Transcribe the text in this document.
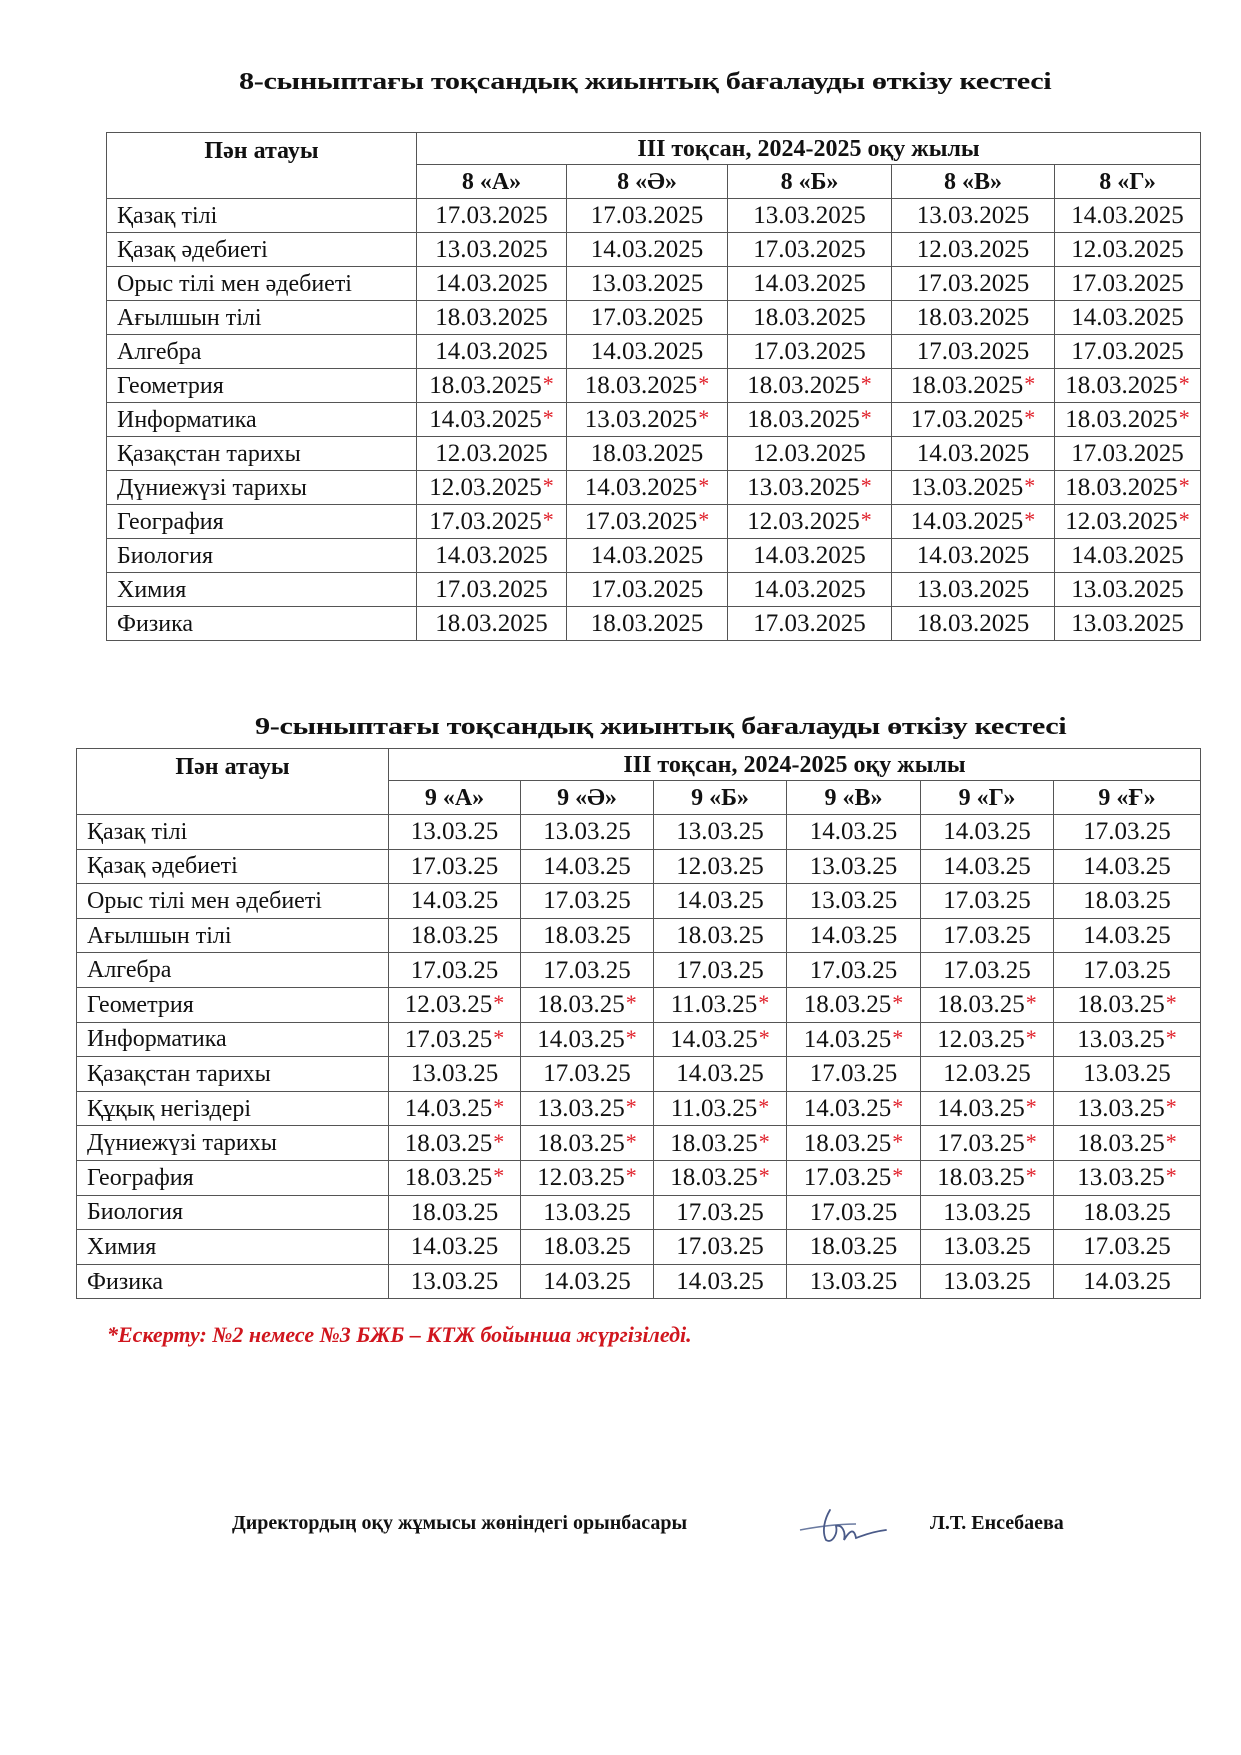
8-сыныптағы тоқсандық жиынтық бағалауды өткізу кестесі
Пән атауы	ІІІ тоқсан, 2024-2025 оқу жылы				
	8 «А»	8 «Ә»	8 «Б»	8 «В»	8 «Г»
Қазақ тілі	17.03.2025	17.03.2025	13.03.2025	13.03.2025	14.03.2025
Қазақ әдебиеті	13.03.2025	14.03.2025	17.03.2025	12.03.2025	12.03.2025
Орыс тілі мен әдебиеті	14.03.2025	13.03.2025	14.03.2025	17.03.2025	17.03.2025
Ағылшын тілі	18.03.2025	17.03.2025	18.03.2025	18.03.2025	14.03.2025
Алгебра	14.03.2025	14.03.2025	17.03.2025	17.03.2025	17.03.2025
Геометрия	18.03.2025*	18.03.2025*	18.03.2025*	18.03.2025*	18.03.2025*
Информатика	14.03.2025*	13.03.2025*	18.03.2025*	17.03.2025*	18.03.2025*
Қазақстан тарихы	12.03.2025	18.03.2025	12.03.2025	14.03.2025	17.03.2025
Дүниежүзі тарихы	12.03.2025*	14.03.2025*	13.03.2025*	13.03.2025*	18.03.2025*
География	17.03.2025*	17.03.2025*	12.03.2025*	14.03.2025*	12.03.2025*
Биология	14.03.2025	14.03.2025	14.03.2025	14.03.2025	14.03.2025
Химия	17.03.2025	17.03.2025	14.03.2025	13.03.2025	13.03.2025
Физика	18.03.2025	18.03.2025	17.03.2025	18.03.2025	13.03.2025
9-сыныптағы тоқсандық жиынтық бағалауды өткізу кестесі
Пән атауы	ІІІ тоқсан, 2024-2025 оқу жылы					
	9 «А»	9 «Ә»	9 «Б»	9 «В»	9 «Г»	9 «Ғ»
Қазақ тілі	13.03.25	13.03.25	13.03.25	14.03.25	14.03.25	17.03.25
Қазақ әдебиеті	17.03.25	14.03.25	12.03.25	13.03.25	14.03.25	14.03.25
Орыс тілі мен әдебиеті	14.03.25	17.03.25	14.03.25	13.03.25	17.03.25	18.03.25
Ағылшын тілі	18.03.25	18.03.25	18.03.25	14.03.25	17.03.25	14.03.25
Алгебра	17.03.25	17.03.25	17.03.25	17.03.25	17.03.25	17.03.25
Геометрия	12.03.25*	18.03.25*	11.03.25*	18.03.25*	18.03.25*	18.03.25*
Информатика	17.03.25*	14.03.25*	14.03.25*	14.03.25*	12.03.25*	13.03.25*
Қазақстан тарихы	13.03.25	17.03.25	14.03.25	17.03.25	12.03.25	13.03.25
Құқық негіздері	14.03.25*	13.03.25*	11.03.25*	14.03.25*	14.03.25*	13.03.25*
Дүниежүзі тарихы	18.03.25*	18.03.25*	18.03.25*	18.03.25*	17.03.25*	18.03.25*
География	18.03.25*	12.03.25*	18.03.25*	17.03.25*	18.03.25*	13.03.25*
Биология	18.03.25	13.03.25	17.03.25	17.03.25	13.03.25	18.03.25
Химия	14.03.25	18.03.25	17.03.25	18.03.25	13.03.25	17.03.25
Физика	13.03.25	14.03.25	14.03.25	13.03.25	13.03.25	14.03.25
*Ескерту: №2 немесе №3 БЖБ – КТЖ бойынша жүргізіледі.
Директордың оқу жұмысы жөніндегі орынбасары	Л.Т. Енсебаева
